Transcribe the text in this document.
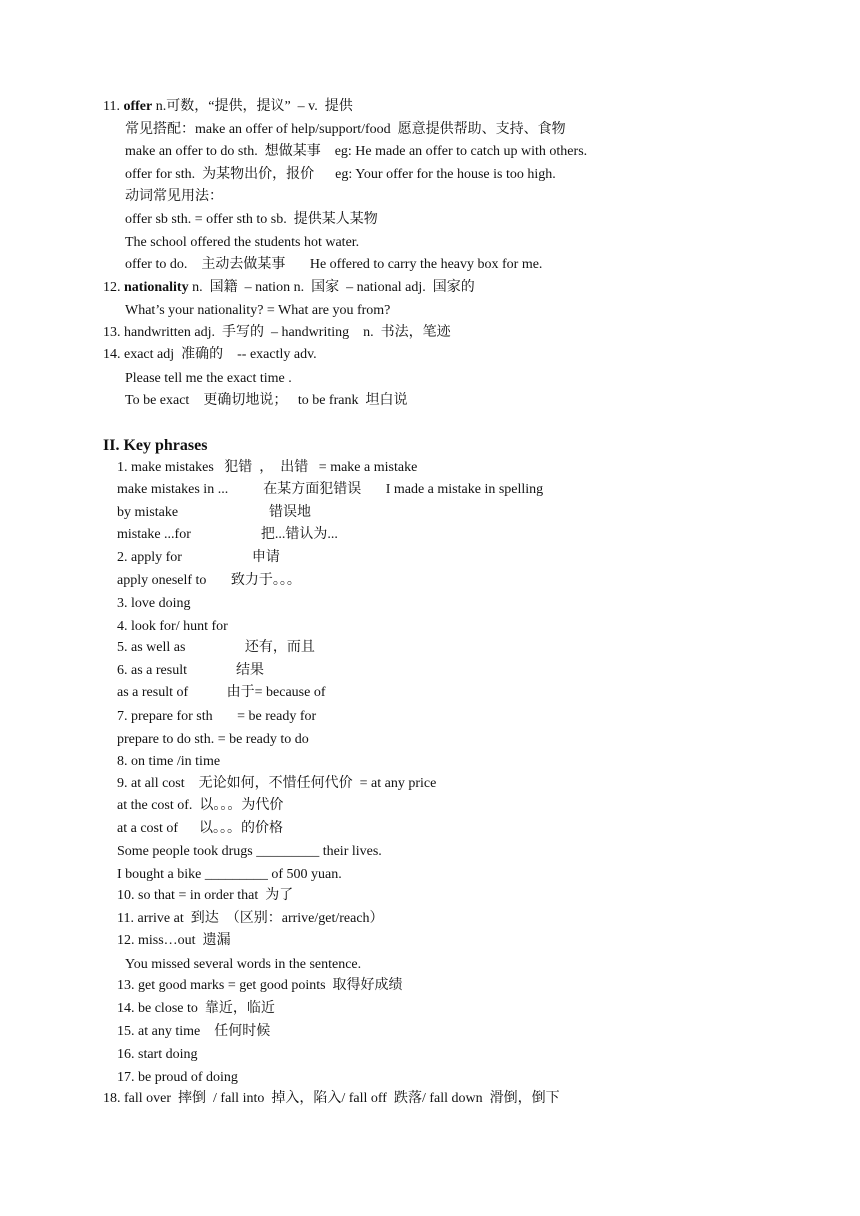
11. offer n.可数，“提供，提议”  – v.  提供
常见搭配：make an offer of help/support/food  愿意提供帮助、支持、食物
make an offer to do sth.  想做某事    eg: He made an offer to catch up with others.
offer for sth.  为某物出价，报价      eg: Your offer for the house is too high.
动词常见用法：
offer sb sth. = offer sth to sb.  提供某人某物
The school offered the students hot water.
offer to do.    主动去做某事       He offered to carry the heavy box for me.
12. nationality n.  国籍  – nation n.  国家  – national adj.  国家的
What’s your nationality? = What are you from?
13. handwritten adj.  手写的  – handwriting    n.  书法，笔迹
14. exact adj  准确的    -- exactly adv.
Please tell me the exact time .
To be exact    更确切地说；   to be frank  坦白说
II. Key phrases
1. make mistakes   犯错  ，  出错   = make a mistake
make mistakes in ...          在某方面犯错误       I made a mistake in spelling
by mistake                          错误地
mistake ...for                    把...错认为...
2. apply for                    申请
apply oneself to       致力于。。。
3. love doing
4. look for/ hunt for
5. as well as                 还有，而且
6. as a result              结果
as a result of           由于= because of
7. prepare for sth       = be ready for
prepare to do sth. = be ready to do
8. on time /in time
9. at all cost    无论如何，不惜任何代价  = at any price
at the cost of.  以。。。为代价
at a cost of      以。。。的价格
Some people took drugs _________ their lives.
I bought a bike _________ of 500 yuan.
10. so that = in order that  为了
11. arrive at  到达  （区别：arrive/get/reach）
12. miss…out  遗漏
You missed several words in the sentence.
13. get good marks = get good points  取得好成绩
14. be close to  靠近，临近
15. at any time    任何时候
16. start doing
17. be proud of doing
18. fall over  摔倒  / fall into  掉入，陷入/ fall off  跌落/ fall down  滑倒，倒下
